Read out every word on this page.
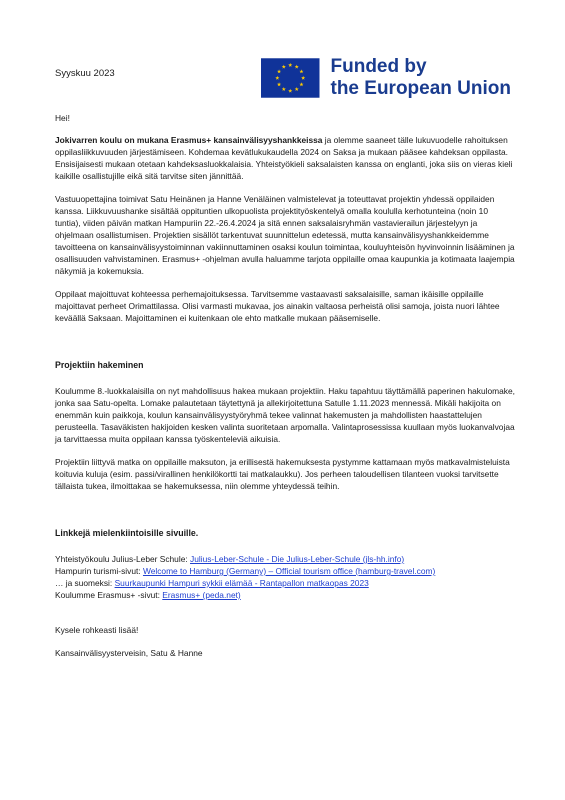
Syyskuu 2023	Funded by
the European Union

Hei!

Jokivarren koulu on mukana Erasmus+ kansainvälisyyshankkeissa ja olemme saaneet tälle lukuvuodelle rahoituksen oppilasliikkuvuuden järjestämiseen. Kohdemaa kevätlukukaudella 2024 on Saksa ja mukaan pääsee kahdeksan oppilasta. Ensisijaisesti mukaan otetaan kahdeksasluokkalaisia. Yhteistyökieli saksalaisten kanssa on englanti, joka siis on vieras kieli kaikille osallistujille eikä sitä tarvitse siten jännittää.

Vastuuopettajina toimivat Satu Heinänen ja Hanne Venäläinen valmistelevat ja toteuttavat projektin yhdessä oppilaiden kanssa. Liikkuvuushanke sisältää oppituntien ulkopuolista projektityöskentelyä omalla koululla kerhotunteina (noin 10 tuntia), viiden päivän matkan Hampuriin 22.-26.4.2024 ja sitä ennen saksalaisryhmän vastavierailun järjestelyyn ja ohjelmaan osallistumisen. Projektien sisällöt tarkentuvat suunnittelun edetessä, mutta kansainvälisyyshankkeidemme tavoitteena on kansainvälisyystoiminnan vakiinnuttaminen osaksi koulun toimintaa, kouluyhteisön hyvinvoinnin lisääminen ja osallisuuden vahvistaminen. Erasmus+ -ohjelman avulla haluamme tarjota oppilaille omaa kaupunkia ja kotimaata laajempia näkymiä ja kokemuksia.

Oppilaat majoittuvat kohteessa perhemajoituksessa. Tarvitsemme vastaavasti saksalaisille, saman ikäisille oppilaille majoittavat perheet Orimattilassa. Olisi varmasti mukavaa, jos ainakin valtaosa perheistä olisi samoja, joista nuori lähtee keväällä Saksaan. Majoittaminen ei kuitenkaan ole ehto matkalle mukaan pääsemiselle.

Projektiin hakeminen

Koulumme 8.-luokkalaisilla on nyt mahdollisuus hakea mukaan projektiin. Haku tapahtuu täyttämällä paperinen hakulomake, jonka saa Satu-opelta. Lomake palautetaan täytettynä ja allekirjoitettuna Satulle 1.11.2023 mennessä. Mikäli hakijoita on enemmän kuin paikkoja, koulun kansainvälisyystyöryhmä tekee valinnat hakemusten ja mahdollisten haastattelujen perusteella. Tasaväkisten hakijoiden kesken valinta suoritetaan arpomalla. Valintaprosessissa kuullaan myös luokanvalvojaa ja tarvittaessa muita oppilaan kanssa työskenteleviä aikuisia.

Projektiin liittyvä matka on oppilaille maksuton, ja erillisestä hakemuksesta pystymme kattamaan myös matkavalmisteluista koituvia kuluja (esim. passi/virallinen henkilökortti tai matkalaukku). Jos perheen taloudellisen tilanteen vuoksi tarvitsette tällaista tukea, ilmoittakaa se hakemuksessa, niin olemme yhteydessä teihin.

Linkkejä mielenkiintoisille sivuille.

Yhteistyökoulu Julius-Leber Schule: Julius-Leber-Schule - Die Julius-Leber-Schule (jls-hh.info)
Hampurin turismi-sivut: Welcome to Hamburg (Germany) – Official tourism office (hamburg-travel.com)
… ja suomeksi: Suurkaupunki Hampuri sykkii elämää - Rantapallon matkaopas 2023
Koulumme Erasmus+ -sivut: Erasmus+ (peda.net)

Kysele rohkeasti lisää!

Kansainvälisyysterveisin, Satu & Hanne
